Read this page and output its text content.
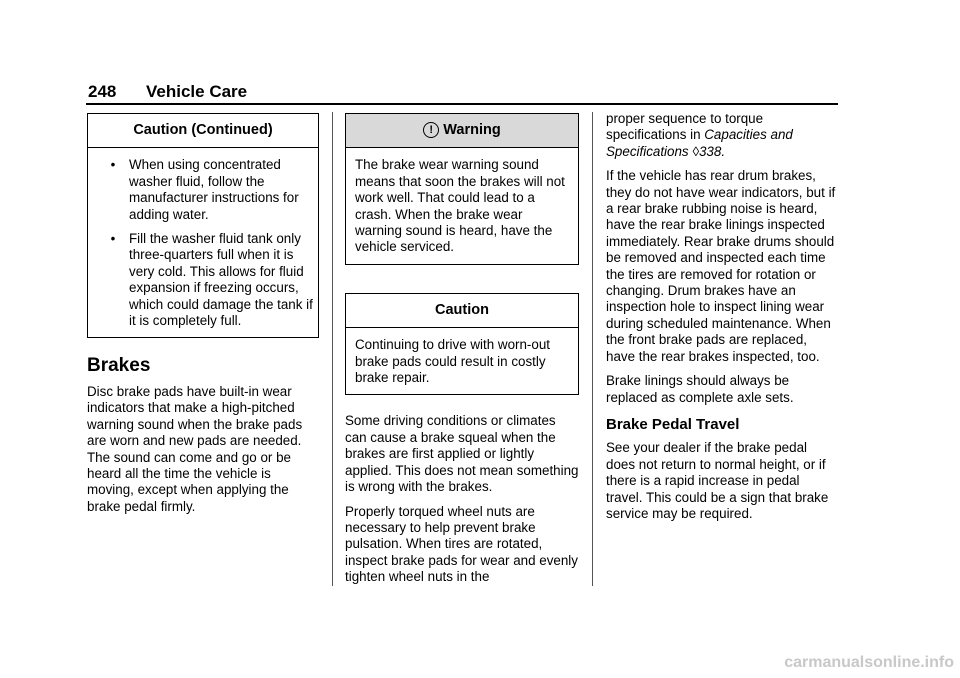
248 Vehicle Care
Caution (Continued)
•	When using concentrated washer fluid, follow the manufacturer instructions for adding water.
•	Fill the washer fluid tank only three-quarters full when it is very cold. This allows for fluid expansion if freezing occurs, which could damage the tank if it is completely full.
Brakes

Disc brake pads have built-in wear indicators that make a high-pitched warning sound when the brake pads are worn and new pads are needed. The sound can come and go or be heard all the time the vehicle is moving, except when applying the brake pedal firmly.

! Warning
The brake wear warning sound means that soon the brakes will not work well. That could lead to a crash. When the brake wear warning sound is heard, have the vehicle serviced.
Caution
Continuing to drive with worn-out brake pads could result in costly brake repair.

Some driving conditions or climates can cause a brake squeal when the brakes are first applied or lightly applied. This does not mean something is wrong with the brakes.

Properly torqued wheel nuts are necessary to help prevent brake pulsation. When tires are rotated, inspect brake pads for wear and evenly tighten wheel nuts in the

proper sequence to torque specifications in Capacities and Specifications ◊338.

If the vehicle has rear drum brakes, they do not have wear indicators, but if a rear brake rubbing noise is heard, have the rear brake linings inspected immediately. Rear brake drums should be removed and inspected each time the tires are removed for rotation or changing. Drum brakes have an inspection hole to inspect lining wear during scheduled maintenance. When the front brake pads are replaced, have the rear brakes inspected, too.

Brake linings should always be replaced as complete axle sets.

Brake Pedal Travel

See your dealer if the brake pedal does not return to normal height, or if there is a rapid increase in pedal travel. This could be a sign that brake service may be required.

carmanualsonline.info
